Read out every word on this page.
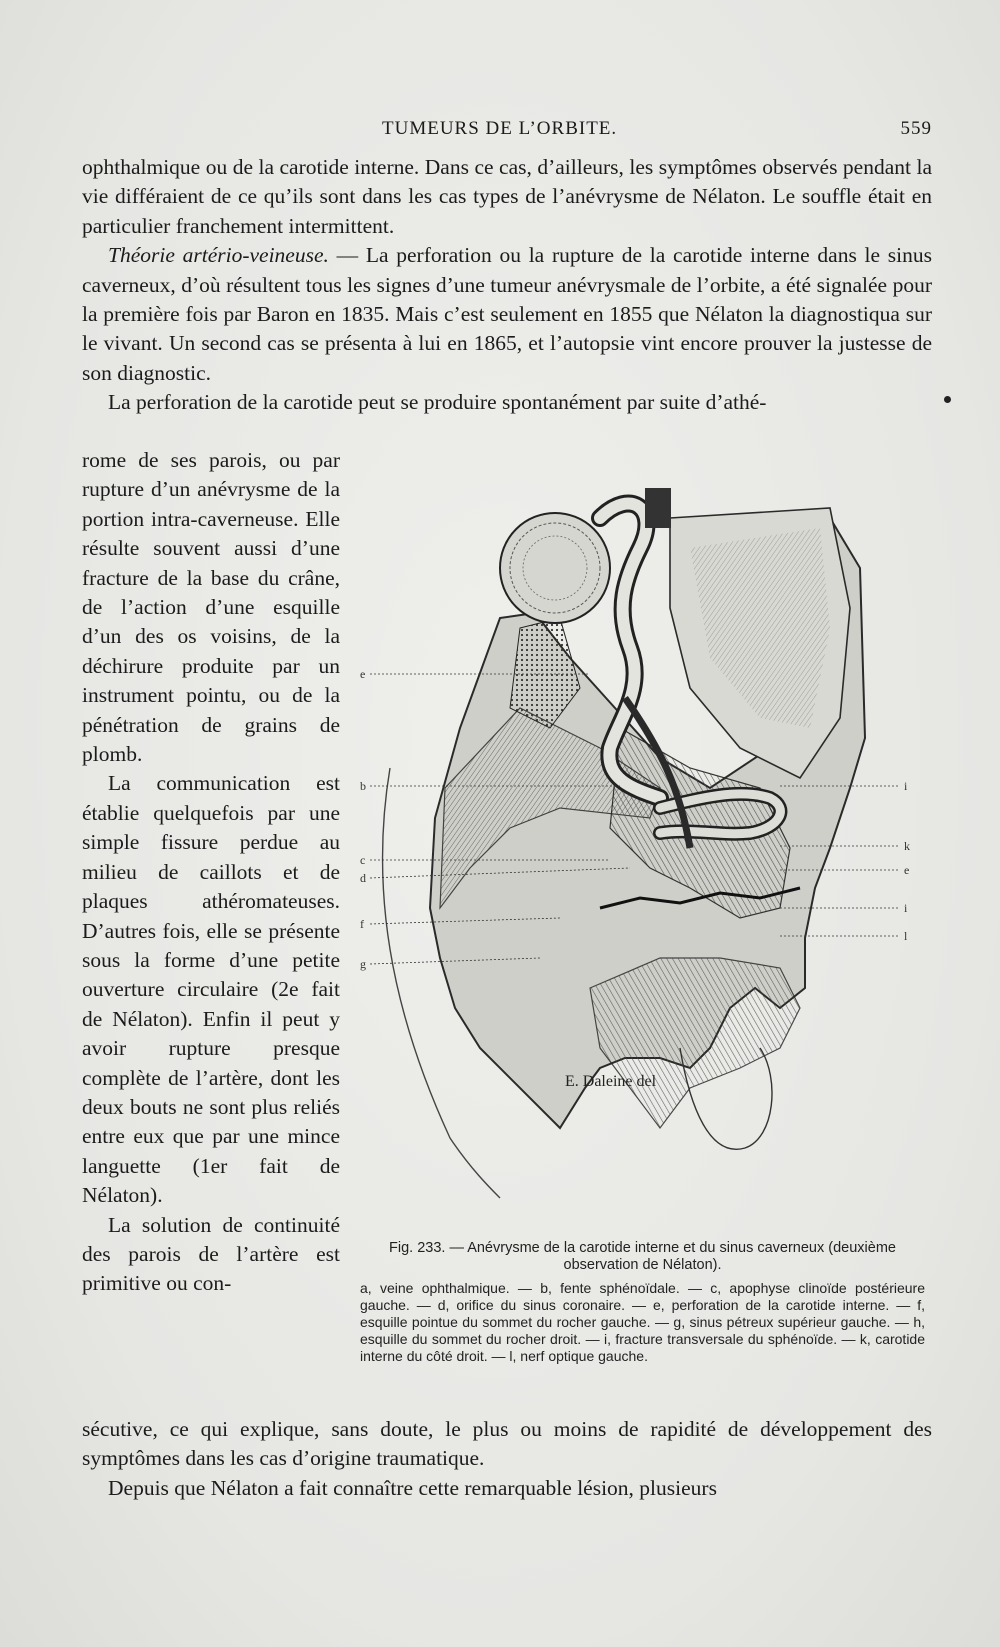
TUMEURS DE L’ORBITE.	559

ophthalmique ou de la carotide interne. Dans ce cas, d’ailleurs, les symptômes observés pendant la vie différaient de ce qu’ils sont dans les cas types de l’anévrysme de Nélaton. Le souffle était en particulier franchement intermittent.

Théorie artério-veineuse. — La perforation ou la rupture de la carotide interne dans le sinus caverneux, d’où résultent tous les signes d’une tumeur anévrysmale de l’orbite, a été signalée pour la première fois par Baron en 1835. Mais c’est seulement en 1855 que Nélaton la diagnostiqua sur le vivant. Un second cas se présenta à lui en 1865, et l’autopsie vint encore prouver la justesse de son diagnostic.

La perforation de la carotide peut se produire spontanément par suite d’athé-

rome de ses parois, ou par rupture d’un anévrysme de la portion intra-caverneuse. Elle résulte souvent aussi d’une fracture de la base du crâne, de l’action d’une esquille d’un des os voisins, de la déchirure produite par un instrument pointu, ou de la pénétration de grains de plomb.

La communication est établie quelquefois par une simple fissure perdue au milieu de caillots et de plaques athéromateuses. D’autres fois, elle se présente sous la forme d’une petite ouverture circulaire (2e fait de Nélaton). Enfin il peut y avoir rupture presque complète de l’artère, dont les deux bouts ne sont plus reliés entre eux que par une mince languette (1er fait de Nélaton).

La solution de continuité des parois de l’artère est primitive ou con-

e
b
c
d
f
g
i
k
e
i
l
E. Daleine del
Fig. 233. — Anévrysme de la carotide interne et du sinus caverneux (deuxième observation de Nélaton).
a, veine ophthalmique. — b, fente sphénoïdale. — c, apophyse clinoïde postérieure gauche. — d, orifice du sinus coronaire. — e, perforation de la carotide interne. — f, esquille pointue du sommet du rocher gauche. — g, sinus pétreux supérieur gauche. — h, esquille du sommet du rocher droit. — i, fracture transversale du sphénoïde. — k, carotide interne du côté droit. — l, nerf optique gauche.

sécutive, ce qui explique, sans doute, le plus ou moins de rapidité de développement des symptômes dans les cas d’origine traumatique.

Depuis que Nélaton a fait connaître cette remarquable lésion, plusieurs
